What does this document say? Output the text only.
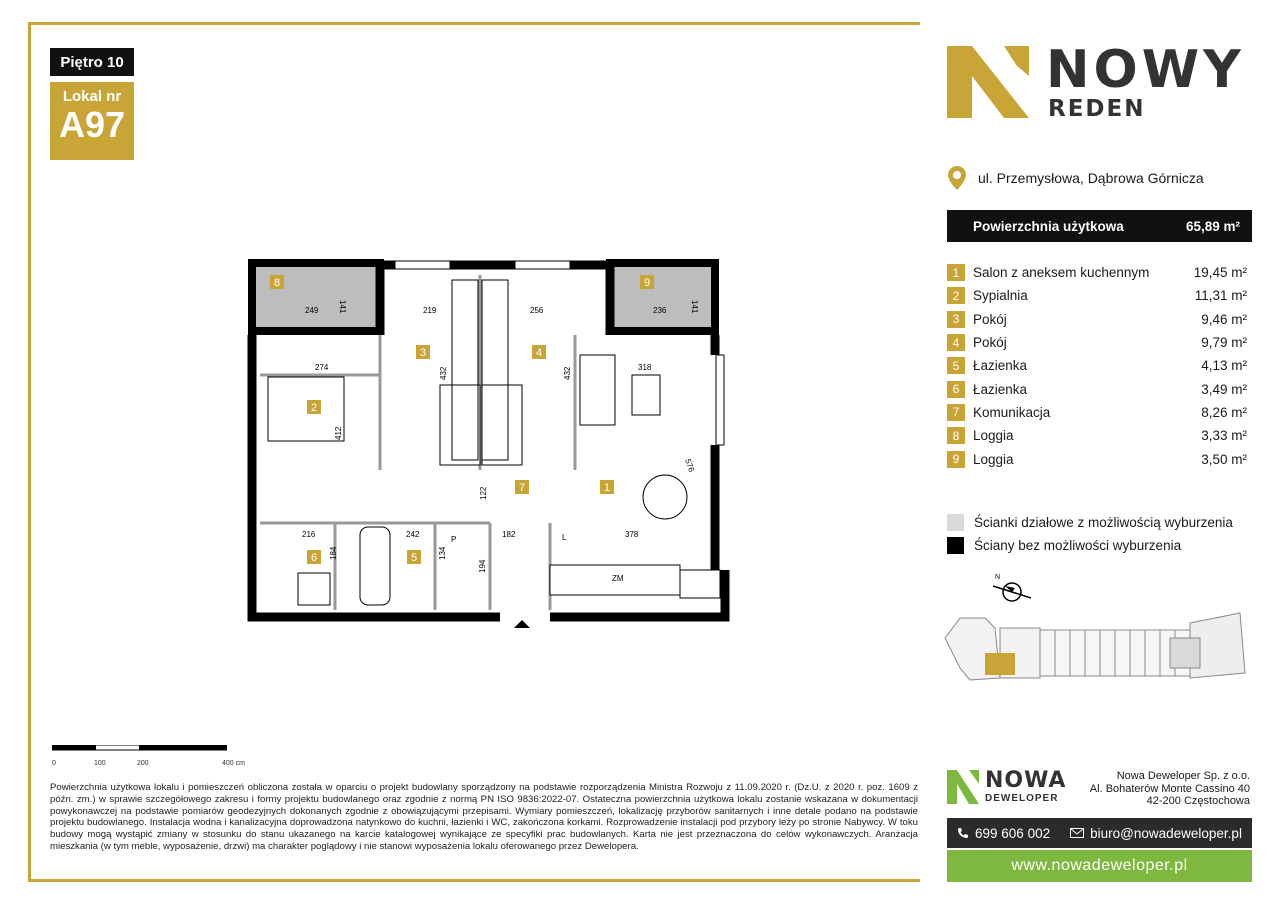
Piętro 10
Lokal nr
A97
8	9
2
3	4
7	1
6	5
249 141	219	256	236	141
274	318
432	432
412
122
216	242	182	378
576
184	134
194
ZM
P	L
0	100	200	400 cm
Powierzchnia użytkowa lokalu i pomieszczeń obliczona została w oparciu o projekt budowlany sporządzony na podstawie rozporządzenia Ministra Rozwoju z 11.09.2020 r. (Dz.U. z 2020 r. poz. 1609 z późn. zm.) w sprawie szczegółowego zakresu i formy projektu budowlanego oraz zgodnie z normą PN ISO 9836:2022-07. Ostateczna powierzchnia użytkowa lokalu zostanie wskazana w dokumentacji powykonawczej na podstawie pomiarów geodezyjnych dokonanych zgodnie z obowiązującymi przepisami. Wymiary pomieszczeń, lokalizację przyborów sanitarnych i inne detale podano na podstawie projektu budowlanego. Instalacja wodna i kanalizacyjna doprowadzona natynkowo do kuchni, łazienki i WC, zakończona korkami. Rozprowadzenie instalacji pod przybory leży po stronie Nabywcy. W toku budowy mogą wystąpić zmiany w stosunku do stanu ukazanego na karcie katalogowej wynikające ze specyfiki prac budowlanych. Karta nie jest przeznaczona do celów wykonawczych. Aranżacja mieszkania (w tym meble, wyposażenie, drzwi) ma charakter poglądowy i nie stanowi wyposażenia lokalu oferowanego przez Dewelopera.
NOWY
REDEN
ul. Przemysłowa, Dąbrowa Górnicza
Powierzchnia użytkowa	65,89 m²
1	Salon z aneksem kuchennym	19,45 m²
2	Sypialnia	11,31 m²
3	Pokój	9,46 m²
4	Pokój	9,79 m²
5	Łazienka	4,13 m²
6	Łazienka	3,49 m²
7	Komunikacja	8,26 m²
8	Loggia	3,33 m²
9	Loggia	3,50 m²
Ścianki działowe z możliwością wyburzenia
Ściany bez możliwości wyburzenia
N
NOWA
DEWELOPER
Nowa Deweloper Sp. z o.o.
Al. Bohaterów Monte Cassino 40
42-200 Częstochowa
699 606 002	biuro@nowadeweloper.pl
www.nowadeweloper.pl
